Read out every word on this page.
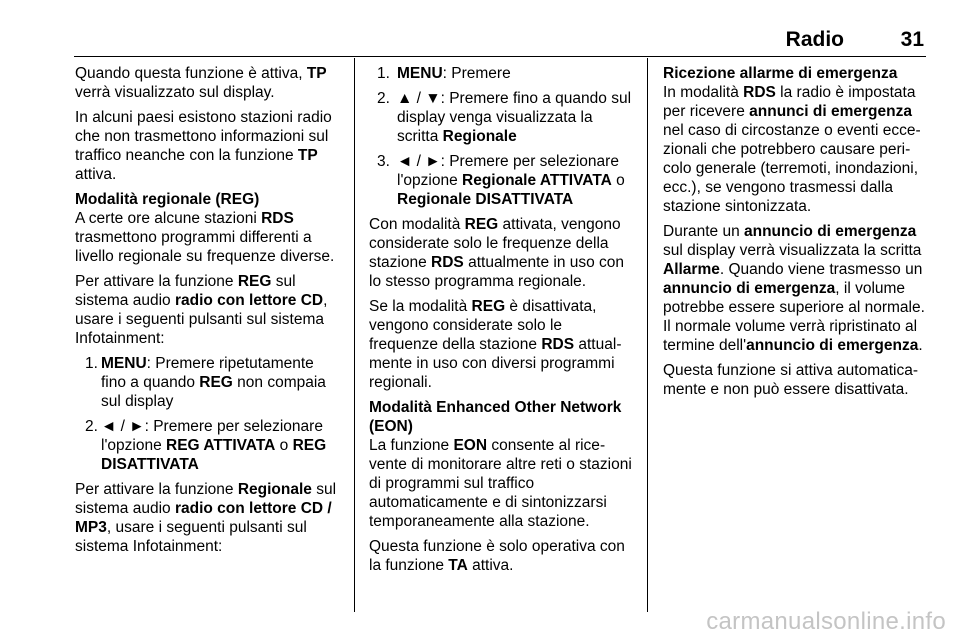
Radio	31

Quando questa funzione è attiva, TP verrà visualizzato sul display.

In alcuni paesi esistono stazioni radio che non trasmettono informazioni sul traffico neanche con la funzione TP attiva.

Modalità regionale (REG)

A certe ore alcune stazioni RDS trasmettono programmi differenti a livello regionale su frequenze diverse.

Per attivare la funzione REG sul sistema audio radio con lettore CD, usare i seguenti pulsanti sul sistema Infotainment:

1. MENU: Premere ripetutamente fino a quando REG non compaia sul display
2. ◄ / ►: Premere per selezionare l'opzione REG ATTIVATA o REG DISATTIVATA

Per attivare la funzione Regionale sul sistema audio radio con lettore CD / MP3, usare i seguenti pulsanti sul sistema Infotainment:

1. MENU: Premere
2. ▲ / ▼: Premere fino a quando sul display venga visualizzata la scritta Regionale
3. ◄ / ►: Premere per selezionare l'opzione Regionale ATTIVATA o Regionale DISATTIVATA

Con modalità REG attivata, vengono considerate solo le frequenze della stazione RDS attualmente in uso con lo stesso programma regionale.

Se la modalità REG è disattivata, vengono considerate solo le frequenze della stazione RDS attualmente in uso con diversi programmi regionali.

Modalità Enhanced Other Network (EON)

La funzione EON consente al ricevente di monitorare altre reti o stazioni di programmi sul traffico automaticamente e di sintonizzarsi temporaneamente alla stazione.

Questa funzione è solo operativa con la funzione TA attiva.

Ricezione allarme di emergenza

In modalità RDS la radio è impostata per ricevere annunci di emergenza nel caso di circostanze o eventi eccezionali che potrebbero causare pericolo generale (terremoti, inondazioni, ecc.), se vengono trasmessi dalla stazione sintonizzata.

Durante un annuncio di emergenza sul display verrà visualizzata la scritta Allarme. Quando viene trasmesso un annuncio di emergenza, il volume potrebbe essere superiore al normale. Il normale volume verrà ripristinato al termine dell'annuncio di emergenza.

Questa funzione si attiva automaticamente e non può essere disattivata.

carmanualsonline.info
